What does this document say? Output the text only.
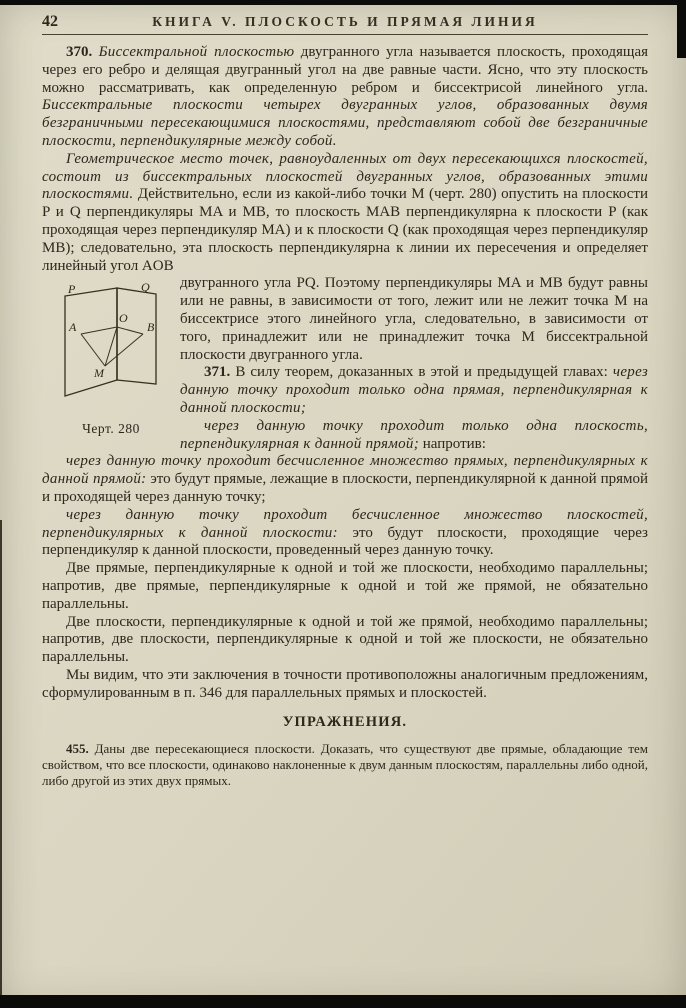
42	КНИГА V. ПЛОСКОСТЬ И ПРЯМАЯ ЛИНИЯ

370. Биссектральной плоскостью двугранного угла называется плоскость, проходящая через его ребро и делящая двугранный угол на две равные части. Ясно, что эту плоскость можно рассматривать, как определенную ребром и биссектрисой линейного угла. Биссектральные плоскости четырех двугранных углов, образованных двумя безграничными пересекающимися плоскостями, представляют собой две безграничные плоскости, перпендикулярные между собой.

Геометрическое место точек, равноудаленных от двух пересекающихся плоскостей, состоит из биссектральных плоскостей двугранных углов, образованных этими плоскостями. Действительно, если из какой-либо точки M (черт. 280) опустить на плоскости P и Q перпендикуляры MA и MB, то плоскость MAB перпендикулярна к плоскости P (как проходящая через перпендикуляр MA) и к плоскости Q (как проходящая через перпендикуляр MB); следовательно, эта плоскость перпендикулярна к линии их пересечения и определяет линейный угол AOB

P	Q
A
O
B
M

Черт. 280

двугранного угла PQ. Поэтому перпендикуляры MA и MB будут равны или не равны, в зависимости от того, лежит или не лежит точка M на биссектрисе этого линейного угла, следовательно, в зависимости от того, принадлежит или не принадлежит точка M биссектральной плоскости двугранного угла.

371. В силу теорем, доказанных в этой и предыдущей главах: через данную точку проходит только одна прямая, перпендикулярная к данной плоскости;

через данную точку проходит только одна плоскость, перпендикулярная к данной прямой; напротив:

через данную точку проходит бесчисленное множество прямых, перпендикулярных к данной прямой: это будут прямые, лежащие в плоскости, перпендикулярной к данной прямой и проходящей через данную точку;

через данную точку проходит бесчисленное множество плоскостей, перпендикулярных к данной плоскости: это будут плоскости, проходящие через перпендикуляр к данной плоскости, проведенный через данную точку.

Две прямые, перпендикулярные к одной и той же плоскости, необходимо параллельны; напротив, две прямые, перпендикулярные к одной и той же прямой, не обязательно параллельны.

Две плоскости, перпендикулярные к одной и той же прямой, необходимо параллельны; напротив, две плоскости, перпендикулярные к одной и той же плоскости, не обязательно параллельны.

Мы видим, что эти заключения в точности противоположны аналогичным предложениям, сформулированным в п. 346 для параллельных прямых и плоскостей.

УПРАЖНЕНИЯ.

455. Даны две пересекающиеся плоскости. Доказать, что существуют две прямые, обладающие тем свойством, что все плоскости, одинаково наклоненные к двум данным плоскостям, параллельны либо одной, либо другой из этих двух прямых.
